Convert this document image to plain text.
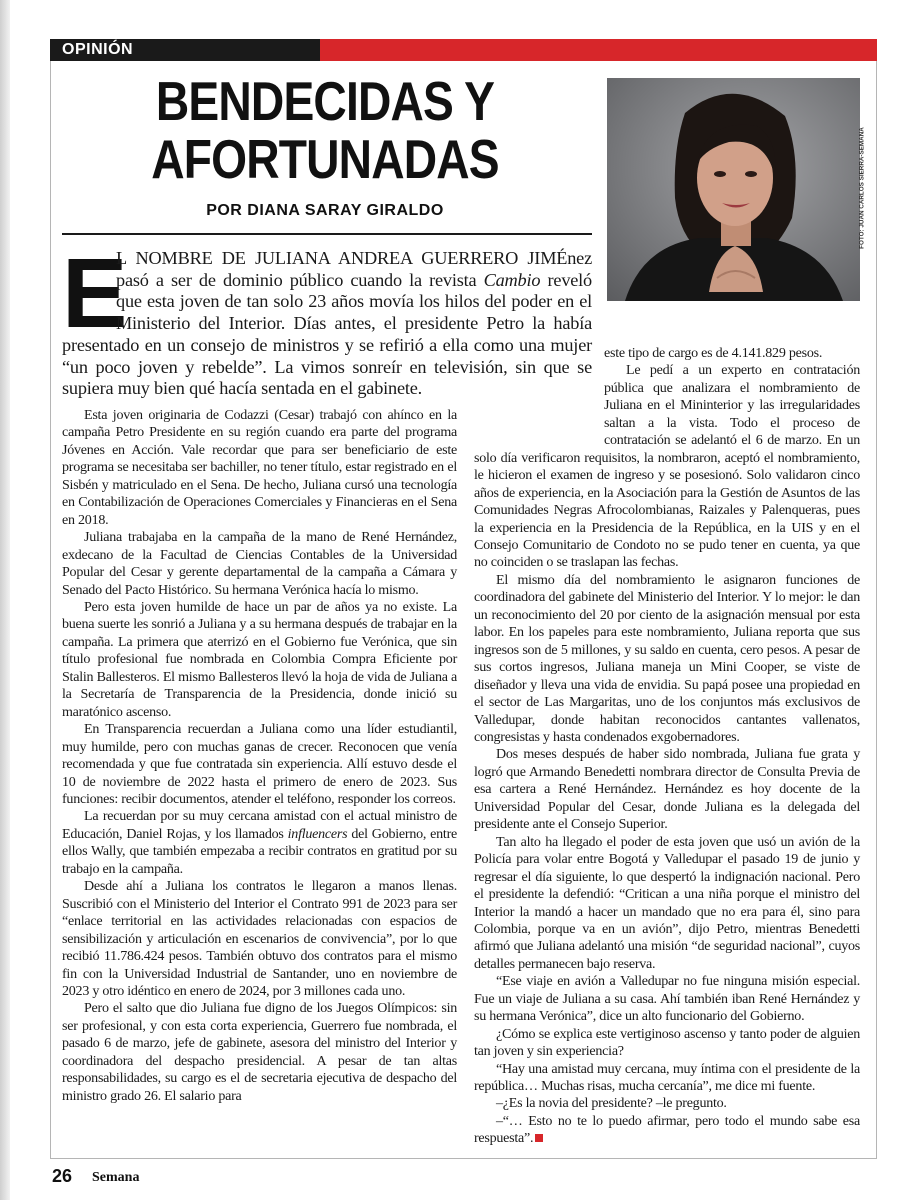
OPINIÓN
BENDECIDAS Y AFORTUNADAS
POR DIANA SARAY GIRALDO
E

L NOMBRE DE JULIANA ANDREA GUERRERO JIMÉnez pasó a ser de dominio público cuando la revista Cambio reveló que esta joven de tan solo 23 años movía los hilos del poder en el Ministerio del Interior. Días antes, el presidente Petro la había presentado en un consejo de ministros y se refirió a ella como una mujer “un poco joven y rebelde”. La vimos sonreír en televisión, sin que se supiera muy bien qué hacía sentada en el gabinete.

FOTO: JUAN CARLOS SIERRA-SEMANA

Esta joven originaria de Codazzi (Cesar) trabajó con ahínco en la campaña Petro Presidente en su región cuando era parte del programa Jóvenes en Acción. Vale recordar que para ser beneficiario de este programa se necesitaba ser bachiller, no tener título, estar registrado en el Sisbén y matriculado en el Sena. De hecho, Juliana cursó una tecnología en Contabilización de Operaciones Comerciales y Financieras en el Sena en 2018.

Juliana trabajaba en la campaña de la mano de René Hernández, exdecano de la Facultad de Ciencias Contables de la Universidad Popular del Cesar y gerente departamental de la campaña a Cámara y Senado del Pacto Histórico. Su hermana Verónica hacía lo mismo.

Pero esta joven humilde de hace un par de años ya no existe. La buena suerte les sonrió a Juliana y a su hermana después de trabajar en la campaña. La primera que aterrizó en el Gobierno fue Verónica, que sin título profesional fue nombrada en Colombia Compra Eficiente por Stalin Ballesteros. El mismo Ballesteros llevó la hoja de vida de Juliana a la Secretaría de Transparencia de la Presidencia, donde inició su maratónico ascenso.

En Transparencia recuerdan a Juliana como una líder estudiantil, muy humilde, pero con muchas ganas de crecer. Reconocen que venía recomendada y que fue contratada sin experiencia. Allí estuvo desde el 10 de noviembre de 2022 hasta el primero de enero de 2023. Sus funciones: recibir documentos, atender el teléfono, responder los correos.

La recuerdan por su muy cercana amistad con el actual ministro de Educación, Daniel Rojas, y los llamados influencers del Gobierno, entre ellos Wally, que también empezaba a recibir contratos en gratitud por su trabajo en la campaña.

Desde ahí a Juliana los contratos le llegaron a manos llenas. Suscribió con el Ministerio del Interior el Contrato 991 de 2023 para ser “enlace territorial en las actividades relacionadas con espacios de sensibilización y articulación en escenarios de convivencia”, por lo que recibió 11.786.424 pesos. También obtuvo dos contratos para el mismo fin con la Universidad Industrial de Santander, uno en noviembre de 2023 y otro idéntico en enero de 2024, por 3 millones cada uno.

Pero el salto que dio Juliana fue digno de los Juegos Olímpicos: sin ser profesional, y con esta corta experiencia, Guerrero fue nombrada, el pasado 6 de marzo, jefe de gabinete, asesora del ministro del Interior y coordinadora del despacho presidencial. A pesar de tan altas responsabilidades, su cargo es el de secretaria ejecutiva de despacho del ministro grado 26. El salario para

este tipo de cargo es de 4.141.829 pesos.

Le pedí a un experto en contratación pública que analizara el nombramiento de Juliana en el Mininterior y las irregularidades saltan a la vista. Todo el proceso de contratación se adelantó el 6 de marzo. En un solo día verificaron requisitos, la nombraron, aceptó el nombramiento, le hicieron el examen de ingreso y se posesionó. Solo validaron cinco años de experiencia, en la Asociación para la Gestión de Asuntos de las Comunidades Negras Afrocolombianas, Raizales y Palenqueras, pues la experiencia en la Presidencia de la República, en la UIS y en el Consejo Comunitario de Condoto no se pudo tener en cuenta, ya que no coinciden o se traslapan las fechas.

El mismo día del nombramiento le asignaron funciones de coordinadora del gabinete del Ministerio del Interior. Y lo mejor: le dan un reconocimiento del 20 por ciento de la asignación mensual por esta labor. En los papeles para este nombramiento, Juliana reporta que sus ingresos son de 5 millones, y su saldo en cuenta, cero pesos. A pesar de sus cortos ingresos, Juliana maneja un Mini Cooper, se viste de diseñador y lleva una vida de envidia. Su papá posee una propiedad en el sector de Las Margaritas, uno de los conjuntos más exclusivos de Valledupar, donde habitan reconocidos cantantes vallenatos, congresistas y hasta condenados exgobernadores.

Dos meses después de haber sido nombrada, Juliana fue grata y logró que Armando Benedetti nombrara director de Consulta Previa de esa cartera a René Hernández. Hernández es hoy docente de la Universidad Popular del Cesar, donde Juliana es la delegada del presidente ante el Consejo Superior.

Tan alto ha llegado el poder de esta joven que usó un avión de la Policía para volar entre Bogotá y Valledupar el pasado 19 de junio y regresar el día siguiente, lo que despertó la indignación nacional. Pero el presidente la defendió: “Critican a una niña porque el ministro del Interior la mandó a hacer un mandado que no era para él, sino para Colombia, porque va en un avión”, dijo Petro, mientras Benedetti afirmó que Juliana adelantó una misión “de seguridad nacional”, cuyos detalles permanecen bajo reserva.

“Ese viaje en avión a Valledupar no fue ninguna misión especial. Fue un viaje de Juliana a su casa. Ahí también iban René Hernández y su hermana Verónica”, dice un alto funcionario del Gobierno.

¿Cómo se explica este vertiginoso ascenso y tanto poder de alguien tan joven y sin experiencia?

“Hay una amistad muy cercana, muy íntima con el presidente de la república… Muchas risas, mucha cercanía”, me dice mi fuente.

–¿Es la novia del presidente? –le pregunto.

–“… Esto no te lo puedo afirmar, pero todo el mundo sabe esa respuesta”.

26 Semana
